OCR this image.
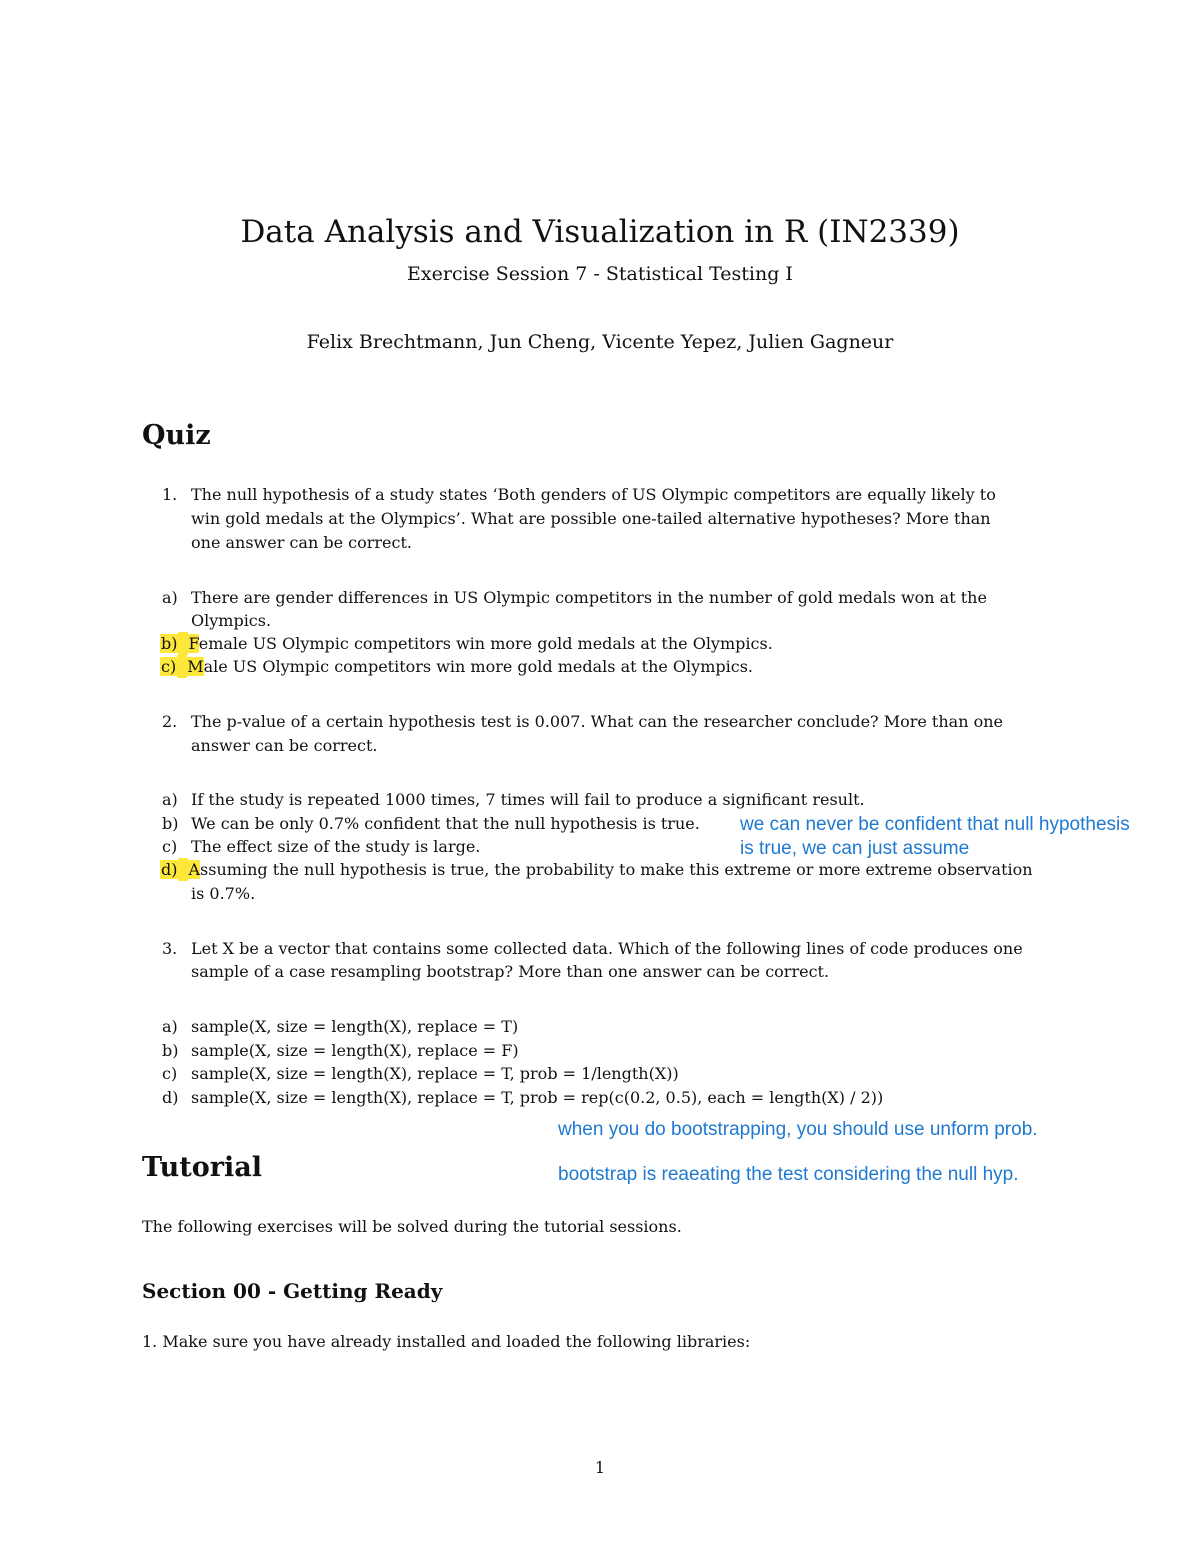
Data Analysis and Visualization in R (IN2339)
Exercise Session 7 - Statistical Testing I
Felix Brechtmann, Jun Cheng, Vicente Yepez, Julien Gagneur
Quiz
1. The null hypothesis of a study states ‘Both genders of US Olympic competitors are equally likely to
win gold medals at the Olympics’. What are possible one-tailed alternative hypotheses? More than
one answer can be correct.
a) There are gender differences in US Olympic competitors in the number of gold medals won at the
Olympics.
b) Female US Olympic competitors win more gold medals at the Olympics.
c) Male US Olympic competitors win more gold medals at the Olympics.
2. The p-value of a certain hypothesis test is 0.007. What can the researcher conclude? More than one
answer can be correct.
a) If the study is repeated 1000 times, 7 times will fail to produce a significant result.
b) We can be only 0.7% confident that the null hypothesis is true.
c) The effect size of the study is large.
d) Assuming the null hypothesis is true, the probability to make this extreme or more extreme observation
is 0.7%.
we can never be confident that null hypothesis
is true, we can just assume
3. Let X be a vector that contains some collected data. Which of the following lines of code produces one
sample of a case resampling bootstrap? More than one answer can be correct.
a) sample(X, size = length(X), replace = T)
b) sample(X, size = length(X), replace = F)
c) sample(X, size = length(X), replace = T, prob = 1/length(X))
d) sample(X, size = length(X), replace = T, prob = rep(c(0.2, 0.5), each = length(X) / 2))
when you do bootstrapping, you should use unform prob.
bootstrap is reaeating the test considering the null hyp.
Tutorial
The following exercises will be solved during the tutorial sessions.
Section 00 - Getting Ready
1. Make sure you have already installed and loaded the following libraries:
1
